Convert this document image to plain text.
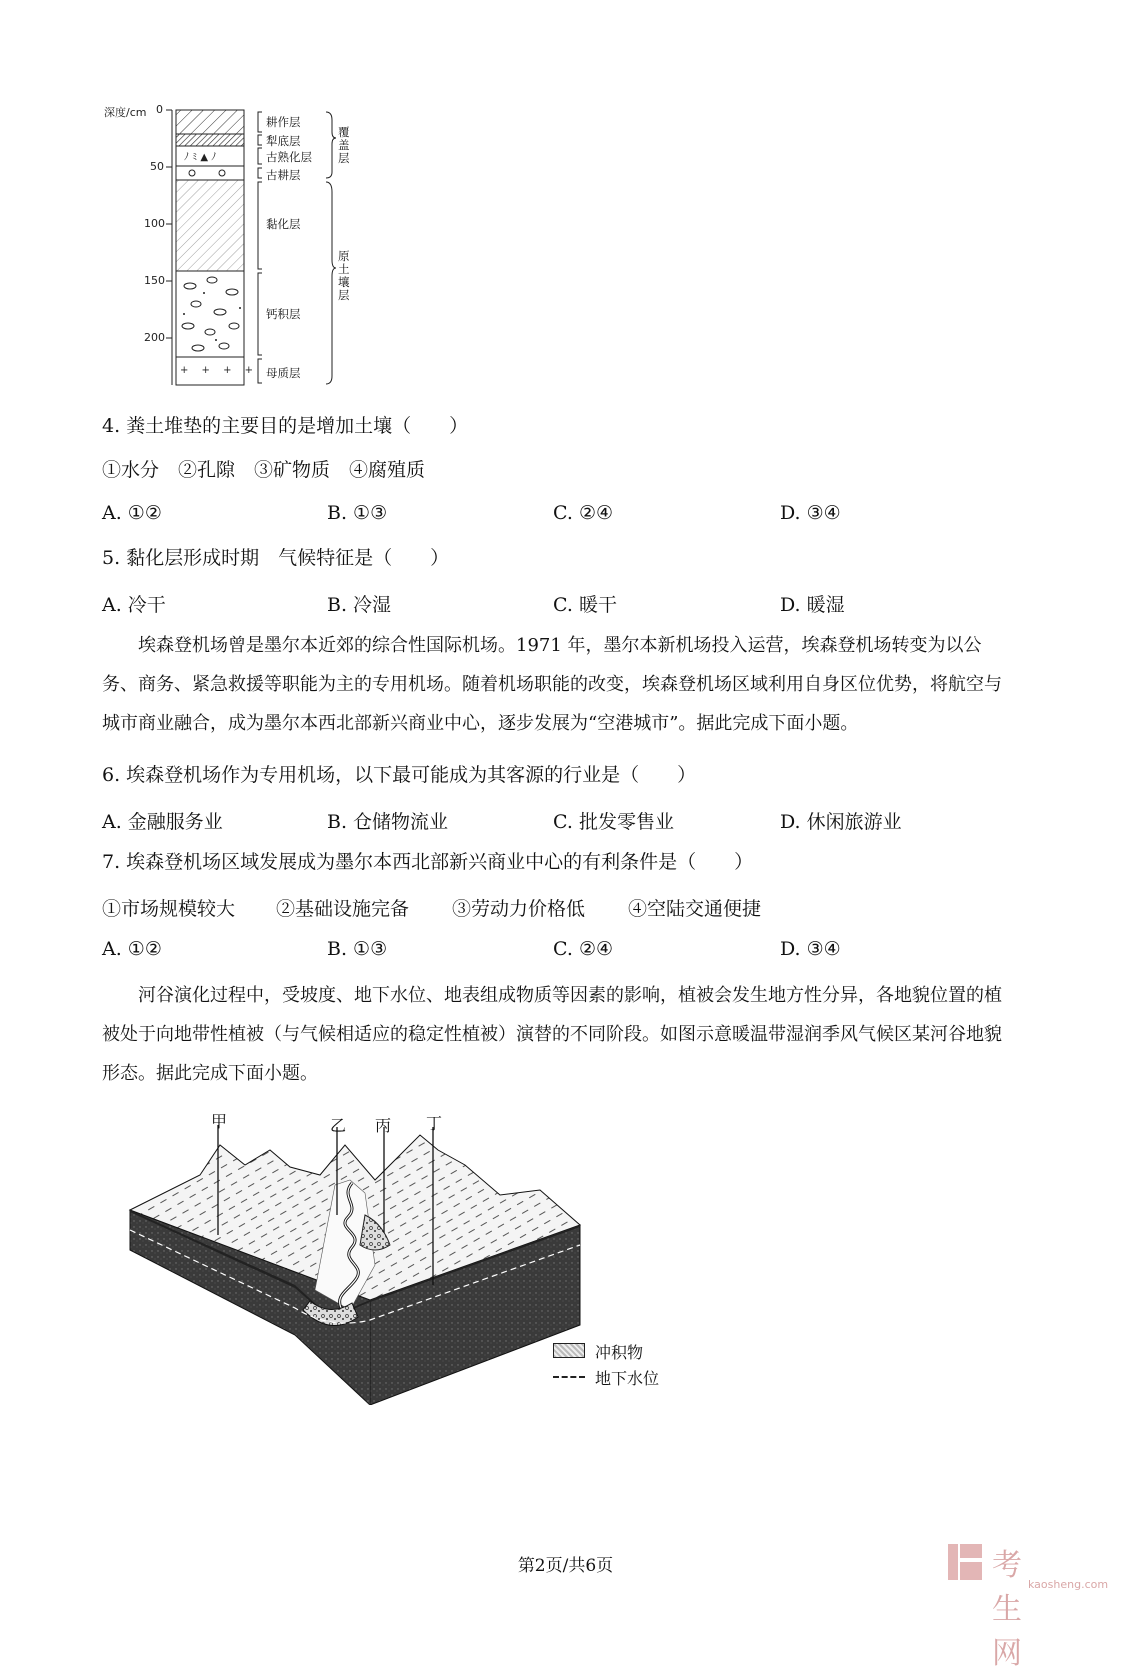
ﾉ ﾐ ▲ ﾉ
+　 +　 +　 +
深度/cm 0
50
100
150
200
耕作层
犁底层
古熟化层
古耕层
黏化层
钙积层
母质层
覆盖层
原土壤层
4. 粪土堆垫的主要目的是增加土壤（　　）
①水分　②孔隙　③矿物质　④腐殖质
A. ①②	B. ①③	C. ②④	D. ③④
5. 黏化层形成时期　气候特征是（　　）
A. 冷干	B. 冷湿	C. 暖干	D. 暖湿
埃森登机场曾是墨尔本近郊的综合性国际机场。1971 年，墨尔本新机场投入运营，埃森登机场转变为以公务、商务、紧急救援等职能为主的专用机场。随着机场职能的改变，埃森登机场区域利用自身区位优势，将航空与城市商业融合，成为墨尔本西北部新兴商业中心，逐步发展为“空港城市”。据此完成下面小题。
6. 埃森登机场作为专用机场，以下最可能成为其客源的行业是（　　）
A. 金融服务业	B. 仓储物流业	C. 批发零售业	D. 休闲旅游业
7. 埃森登机场区域发展成为墨尔本西北部新兴商业中心的有利条件是（　　）
①市场规模较大 ②基础设施完备 ③劳动力价格低 ④空陆交通便捷
A. ①②	B. ①③	C. ②④	D. ③④
河谷演化过程中，受坡度、地下水位、地表组成物质等因素的影响，植被会发生地方性分异，各地貌位置的植被处于向地带性植被（与气候相适应的稳定性植被）演替的不同阶段。如图示意暖温带湿润季风气候区某河谷地貌形态。据此完成下面小题。
甲	乙 丙 丁
冲积物
地下水位
第2页/共6页	考生网
kaosheng.com
